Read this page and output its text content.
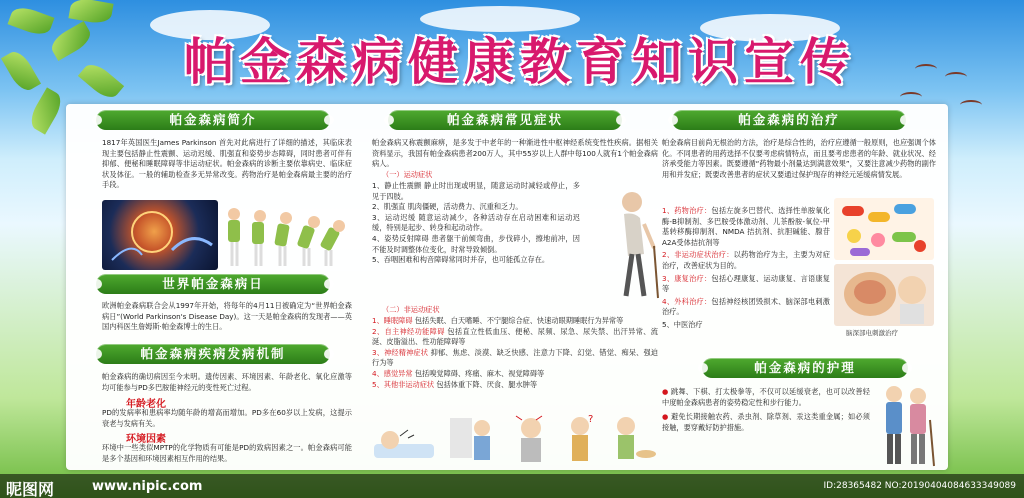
帕金森病健康教育知识宣传
帕金森病简介
1817年英国医生James Parkinson 首先对此病进行了详细的描述，其临床表现主要包括静止性震颤、运动迟缓、肌强直和姿势步态障碍，同时患者可伴有抑郁、便秘和睡眠障碍等非运动症状。帕金森病的诊断主要依靠病史、临床症状及体征。一般的辅助检查多无异常改变。药物治疗是帕金森病最主要的治疗手段。
世界帕金森病日
欧洲帕金森病联合会从1997年开始，将每年的4月11日被确定为“世界帕金森病日”(World Parkinson's Disease Day)。这一天是帕金森病的发现者——英国内科医生詹姆斯·帕金森博士的生日。
帕金森病疾病发病机制
帕金森病的确切病因至今未明。遗传因素、环境因素、年龄老化、氧化应激等均可能参与PD多巴胺能神经元的变性死亡过程。
年龄老化
PD的发病率和患病率均随年龄的增高而增加。PD多在60岁以上发病，这提示衰老与发病有关。
环境因素
环境中一些类似MPTP的化学物质有可能是PD的致病因素之一。帕金森病可能是多个基因和环境因素相互作用的结果。
帕金森病常见症状
帕金森病又称震颤麻痹，是多发于中老年的一种渐进性中枢神经系统变性性疾病。据相关资料显示，我国有帕金森病患者200万人，其中55岁以上人群中每100人就有1个帕金森病病人。
（一）运动症状
1、静止性震颤 静止时出现或明显，随意运动时减轻或停止，多见于四肢。
2、肌强直 肌肉僵硬，活动费力、沉重和乏力。
3、运动迟缓 随意运动减少，各种活动存在启动困难和运动迟缓，特别是起步、转身和起动动作。
4、姿势反射障碍 患者躯干前倾弯曲，步伐碎小，擦地前冲，因不能及时调整体位变化，时常导致倾倒。
5、吞咽困难和构音障碍常同时并存，也可能孤立存在。
（二）非运动症状
1、睡眠障碍 包括失眠、白天嗜睡、不宁腿综合症、快速动眼期睡眠行为异常等
2、自主神经功能障碍 包括直立性低血压、便秘、尿频、尿急、尿失禁、出汗异常、流涎、皮脂溢出、性功能障碍等
3、神经精神症状 抑郁、焦虑、淡漠、缺乏快感、注意力下降、幻觉、错觉、痴呆、强迫行为等
4、感觉异常 包括嗅觉障碍、疼痛、麻木、视觉障碍等
5、其他非运动症状 包括体重下降、厌食、腿水肿等
?
帕金森病的治疗
帕金森病目前尚无根治的方法，治疗是综合性的，治疗应遵循一般原则，也应强调个体化。不同患者的用药选择不仅要考虑病情特点，而且要考虑患者的年龄、就业状况、经济承受能力等因素。既要遵循“药物最小剂量达到满意效果”，又要注意减少药物的副作用和并发症；既要改善患者的症状又要通过保护现存的神经元延缓病情发展。
1、药物治疗：包括左旋多巴替代、选择性单胺氧化酶-B抑制剂、多巴胺受体激动剂、儿茶酚胺-氧位-甲基转移酶抑制剂、NMDA 拮抗剂、抗胆碱能、腺苷A2A受体拮抗剂等
2、非运动症状治疗：以药物治疗为主，主要为对症治疗，改善症状为目的。
3、康复治疗：包括心理康复、运动康复、言语康复等
4、外科治疗：包括神经核团毁损术、脑深部电刺激治疗。
5、中医治疗
脑深部电刺激治疗
帕金森病的护理
● 跳舞、下棋、打太极拳等，不仅可以延缓衰老，也可以改善轻中度帕金森病患者的姿势稳定性和步行能力。
● 避免长期接触农药、杀虫剂、除草剂、汞这类重金属；如必须接触，要穿戴好防护措施。
昵图网	www.nipic.com	ID:28365482 NO:20190404084633349089
